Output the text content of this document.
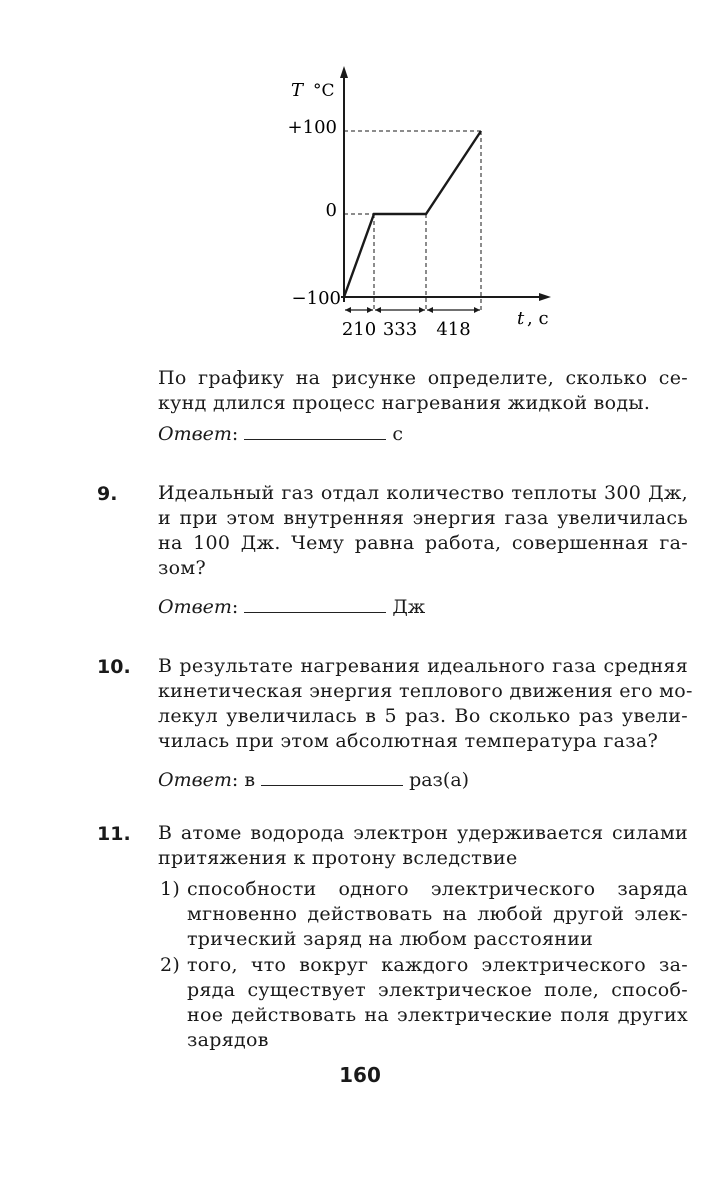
T °C
+100
0
−100
210 333 418
t , с
По графику на рисунке определите, сколько се-
кунд длился процесс нагревания жидкой воды.
Ответ:	с
9. Идеальный газ отдал количество теплоты 300 Дж,
и при этом внутренняя энергия газа увеличилась
на 100 Дж. Чему равна работа, совершенная га-
зом?
Ответ:	Дж
10. В результате нагревания идеального газа средняя
кинетическая энергия теплового движения его мо-
лекул увеличилась в 5 раз. Во сколько раз увели-
чилась при этом абсолютная температура газа?
Ответ: в	раз(а)
11. В атоме водорода электрон удерживается силами
притяжения к протону вследствие
1) способности одного электрического заряда
мгновенно действовать на любой другой элек-
трический заряд на любом расстоянии
2) того, что вокруг каждого электрического за-
ряда существует электрическое поле, способ-
ное действовать на электрические поля других
зарядов
160
